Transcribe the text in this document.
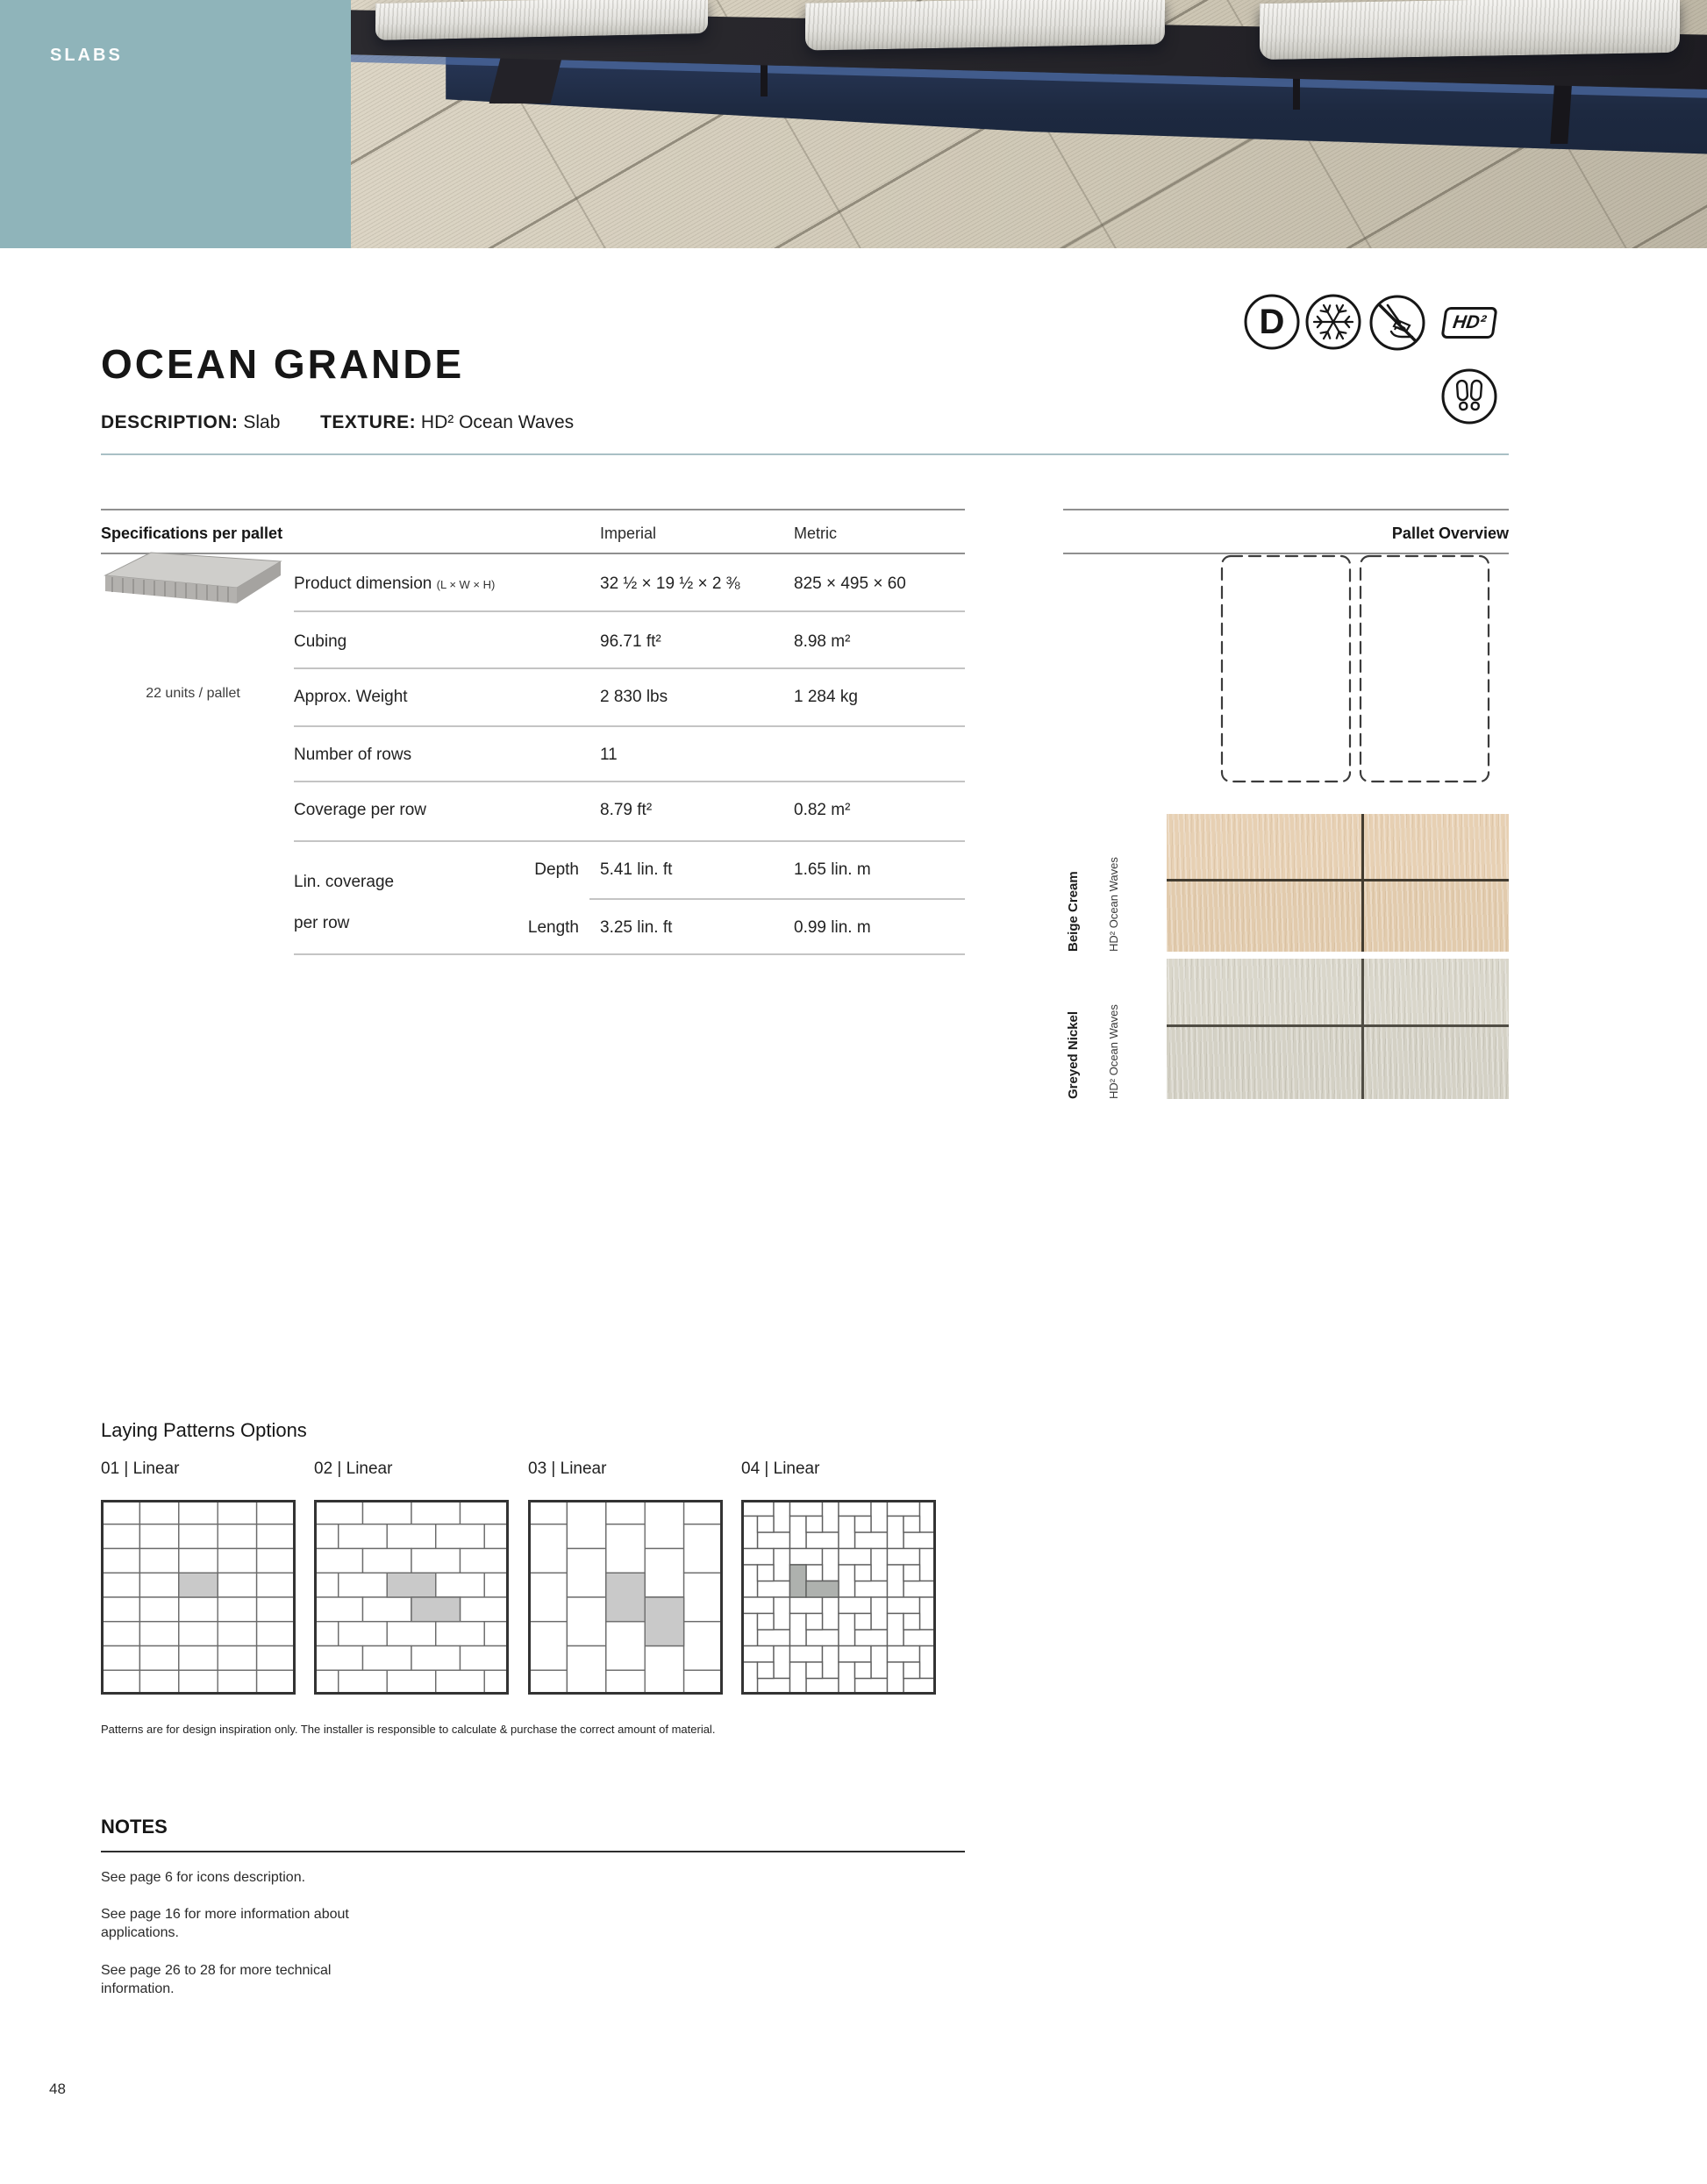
SLABS
OCEAN GRANDE
DESCRIPTION: Slab TEXTURE: HD² Ocean Waves
D	HD²
Specifications per pallet	Imperial	Metric
22 units / pallet
Product dimension (L × W × H)	32 ½ × 19 ½ × 2 ⅜	825 × 495 × 60
Cubing	96.71 ft²	8.98 m²
Approx. Weight	2 830 lbs	1 284 kg
Number of rows	11
Coverage per row	8.79 ft²	0.82 m²
Lin. coverage
per row
Depth 5.41 lin. ft	1.65 lin. m
Length 3.25 lin. ft	0.99 lin. m
Pallet Overview
Beige Cream HD² Ocean Waves
Greyed Nickel HD² Ocean Waves
Laying Patterns Options
01 | Linear	02 | Linear	03 | Linear	04 | Linear
Patterns are for design inspiration only. The installer is responsible to calculate & purchase the correct amount of material.
NOTES
See page 6 for icons description.
See page 16 for more information about applications.
See page 26 to 28 for more technical information.
48
